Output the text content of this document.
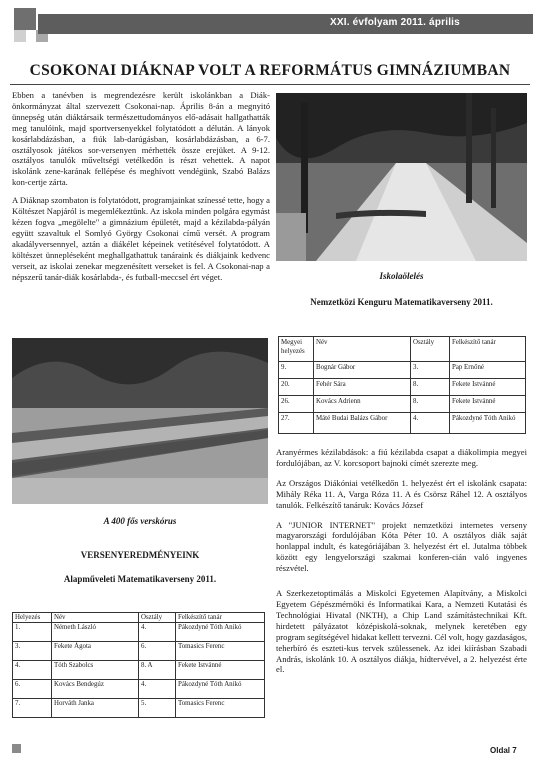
XXI. évfolyam 2011. április
CSOKONAI DIÁKNAP VOLT A REFORMÁTUS GIMNÁZIUMBAN

Ebben a tanévben is megrendezésre került iskolánkban a Diák-önkormányzat által szervezett Csokonai-nap. Április 8-án a megnyitó ünnepség után diáktársaik természettudományos elő-adásait hallgathatták meg tanulóink, majd sportversenyekkel folytatódott a délután. A lányok kosárlabdázásban, a fiúk lab-darúgásban, kosárlabdázásban, a 6-7. osztályosok játékos sor-versenyen mérhették össze erejüket. A 9-12. osztályos tanulók műveltségi vetélkedőn is részt vehettek. A napot iskolánk zene-karának fellépése és meghívott vendégünk, Szabó Balázs kon-certje zárta.

A Diáknap szombaton is folytatódott, programjainkat színessé tette, hogy a Költészet Napjáról is megemlékeztünk. Az iskola minden polgára egymást kézen fogva „megölelte" a gimnázium épületét, majd a kézilabda-pályán együtt szavaltuk el Somlyó György Csokonai című versét. A program akadályversennyel, aztán a diákélet képeinek vetítésével folytatódott. A költészet ünnepléseként meghallgathattuk tanáraink és diákjaink kedvenc verseit, az iskolai zenekar megzenésített verseket is fel. A Csokonai-nap a népszerű tanár-diák kosárlabda-, és futball-meccsel ért véget.

A 400 fős verskórus
VERSENYEREDMÉNYEINK
Alapműveleti Matematikaverseny 2011.
Helyezés	Név	Osztály	Felkészítő tanár
1.	Németh László	4.	Pákozdyné Tóth Anikó
3.	Fekete Ágota	6.	Tomasics Ferenc
4.	Tóth Szabolcs	8. A	Fekete Istvánné
6.	Kovács Bendegúz	4.	Pákozdyné Tóth Anikó
7.	Horváth Janka	5.	Tomasics Ferenc
Iskolaölelés
Nemzetközi Kenguru Matematikaverseny 2011.
Megyei helyezés	Név	Osztály	Felkészítő tanár
9.	Bognár Gábor	3.	Pap Ernőné
20.	Fehér Sára	8.	Fekete Istvánné
26.	Kovács Adrienn	8.	Fekete Istvánné
27.	Máté Budai Balázs Gábor	4.	Pákozdyné Tóth Anikó

Aranyérmes kézilabdások: a fiú kézilabda csapat a diákolimpia megyei fordulójában, az V. korcsoport bajnoki címét szerezte meg.

Az Országos Diákóniai vetélkedőn 1. helyezést ért el iskolánk csapata: Mihály Réka 11. A, Varga Róza 11. A és Csörsz Ráhel 12. A osztályos tanulók. Felkészítő tanáruk: Kovács József

A "JUNIOR INTERNET" projekt nemzetközi internetes verseny magyarországi fordulójában Kóta Péter 10. A osztályos diák saját honlappal indult, és kategóriájában 3. helyezést ért el. Jutalma többek között egy lengyelországi szakmai konferen-cián való ingyenes részvétel.

A Szerkezetoptimálás a Miskolci Egyetemen Alapítvány, a Miskolci Egyetem Gépészmérnöki és Informatikai Kara, a Nemzeti Kutatási és Technológiai Hivatal (NKTH), a Chip Land számítástechnikai Kft. hirdetett pályázatot középiskolá-soknak, melynek keretében egy program segítségével hidakat kellett tervezni. Cél volt, hogy gazdaságos, teherbíró és eszteti-kus tervek szülessenek. Az idei kiírásban Szabadi András, iskolánk 10. A osztályos diákja, hídtervével, a 2. helyezést érte el.

Oldal 7
